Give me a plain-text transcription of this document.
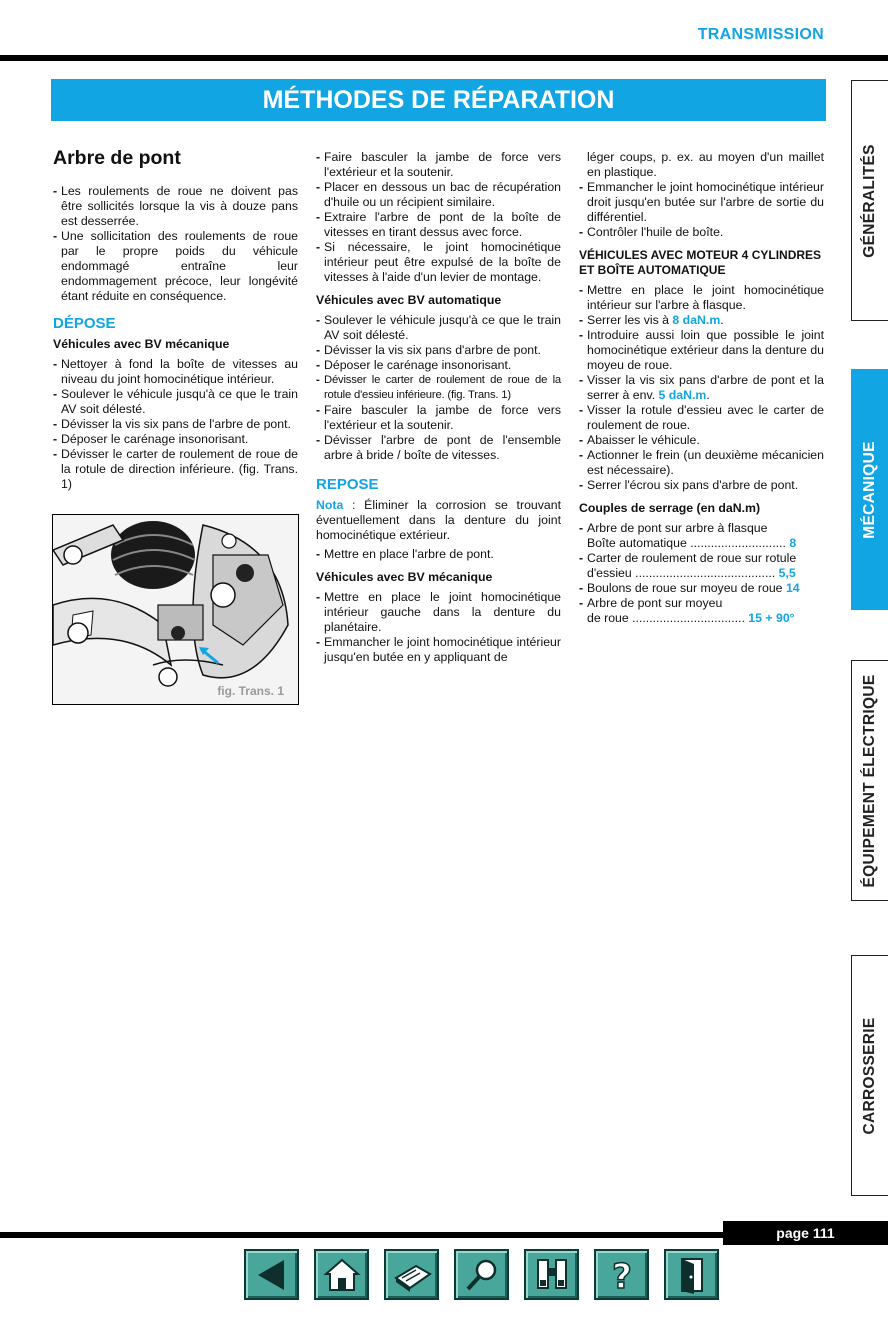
TRANSMISSION
MÉTHODES DE RÉPARATION
Arbre de pont
- Les roulements de roue ne doivent pas être sollicités lorsque la vis à douze pans est desserrée.
- Une sollicitation des roulements de roue par le propre poids du véhicule endommagé entraîne leur endommagement précoce, leur longévité étant réduite en conséquence.
DÉPOSE
Véhicules avec BV mécanique
- Nettoyer à fond la boîte de vitesses au niveau du joint homocinétique intérieur.
- Soulever le véhicule jusqu'à ce que le train AV soit délesté.
- Dévisser la vis six pans de l'arbre de pont.
- Déposer le carénage insonorisant.
- Dévisser le carter de roulement de roue de la rotule de direction inférieure. (fig. Trans. 1)
fig. Trans. 1
- Faire basculer la jambe de force vers l'extérieur et la soutenir.
- Placer en dessous un bac de récupération d'huile ou un récipient similaire.
- Extraire l'arbre de pont de la boîte de vitesses en tirant dessus avec force.
- Si nécessaire, le joint homocinétique intérieur peut être expulsé de la boîte de vitesses à l'aide d'un levier de montage.
Véhicules avec BV automatique
- Soulever le véhicule jusqu'à ce que le train AV soit délesté.
- Dévisser la vis six pans d'arbre de pont.
- Déposer le carénage insonorisant.
- Dévisser le carter de roulement de roue de la rotule d'essieu inférieure. (fig. Trans. 1)
- Faire basculer la jambe de force vers l'extérieur et la soutenir.
- Dévisser l'arbre de pont de l'ensemble arbre à bride / boîte de vitesses.
REPOSE
Nota : Éliminer la corrosion se trouvant éventuellement dans la denture du joint homocinétique extérieur.
- Mettre en place l'arbre de pont.
Véhicules avec BV mécanique
- Mettre en place le joint homocinétique intérieur gauche dans la denture du planétaire.
- Emmancher le joint homocinétique intérieur jusqu'en butée en y appliquant de
léger coups, p. ex. au moyen d'un maillet en plastique.
- Emmancher le joint homocinétique intérieur droit jusqu'en butée sur l'arbre de sortie du différentiel.
- Contrôler l'huile de boîte.
VÉHICULES AVEC MOTEUR 4 CYLINDRES ET BOÎTE AUTOMATIQUE
- Mettre en place le joint homocinétique intérieur sur l'arbre à flasque.
- Serrer les vis à 8 daN.m.
- Introduire aussi loin que possible le joint homocinétique extérieur dans la denture du moyeu de roue.
- Visser la vis six pans d'arbre de pont et la serrer à env. 5 daN.m.
- Visser la rotule d'essieu avec le carter de roulement de roue.
- Abaisser le véhicule.
- Actionner le frein (un deuxième mécanicien est nécessaire).
- Serrer l'écrou six pans d'arbre de pont.
Couples de serrage (en daN.m)
- Arbre de pont sur arbre à flasque
Boîte automatique ............................ 8
- Carter de roulement de roue sur rotule
d'essieu ......................................... 5,5
- Boulons de roue sur moyeu de roue 14
- Arbre de pont sur moyeu
de roue ................................. 15 + 90°
GÉNÉRALITÉS
MÉCANIQUE
ÉQUIPEMENT ÉLECTRIQUE
CARROSSERIE
page 111
?
